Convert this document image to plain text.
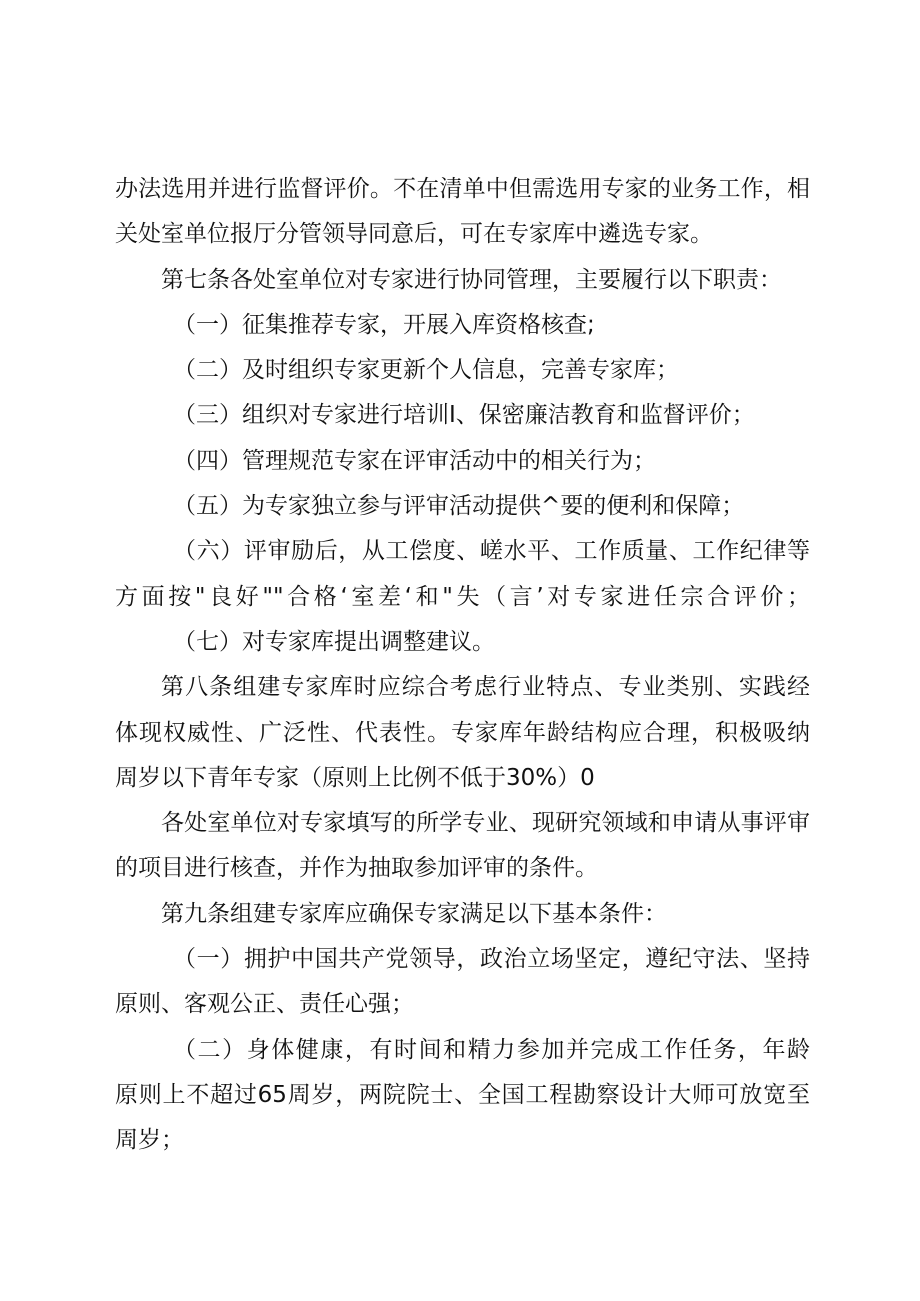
办法选用并进行监督评价。不在清单中但需选用专家的业务工作，相
关处室单位报厅分管领导同意后，可在专家库中遴选专家。
第七条各处室单位对专家进行协同管理，主要履行以下职责：
（一）征集推荐专家，开展入库资格核查;
（二）及时组织专家更新个人信息，完善专家库；
（三）组织对专家进行培训I、保密廉洁教育和监督评价；
（四）管理规范专家在评审活动中的相关行为；
（五）为专家独立参与评审活动提供^要的便利和保障；
（六）评审励后，从工偿度、嵯水平、工作质量、工作纪律等
方面按"良好""合格‘室差‘和"失（言’对专家进任宗合评价；
（七）对专家库提出调整建议。
第八条组建专家库时应综合考虑行业特点、专业类别、实践经
体现权威性、广泛性、代表性。专家库年龄结构应合理，积极吸纳
周岁以下青年专家（原则上比例不低于30%）0
各处室单位对专家填写的所学专业、现研究领域和申请从事评审
的项目进行核查，并作为抽取参加评审的条件。
第九条组建专家库应确保专家满足以下基本条件：
（一）拥护中国共产党领导，政治立场坚定，遵纪守法、坚持
原则、客观公正、责任心强；
（二）身体健康，有时间和精力参加并完成工作任务，年龄
原则上不超过65周岁，两院院士、全国工程勘察设计大师可放宽至
周岁；
